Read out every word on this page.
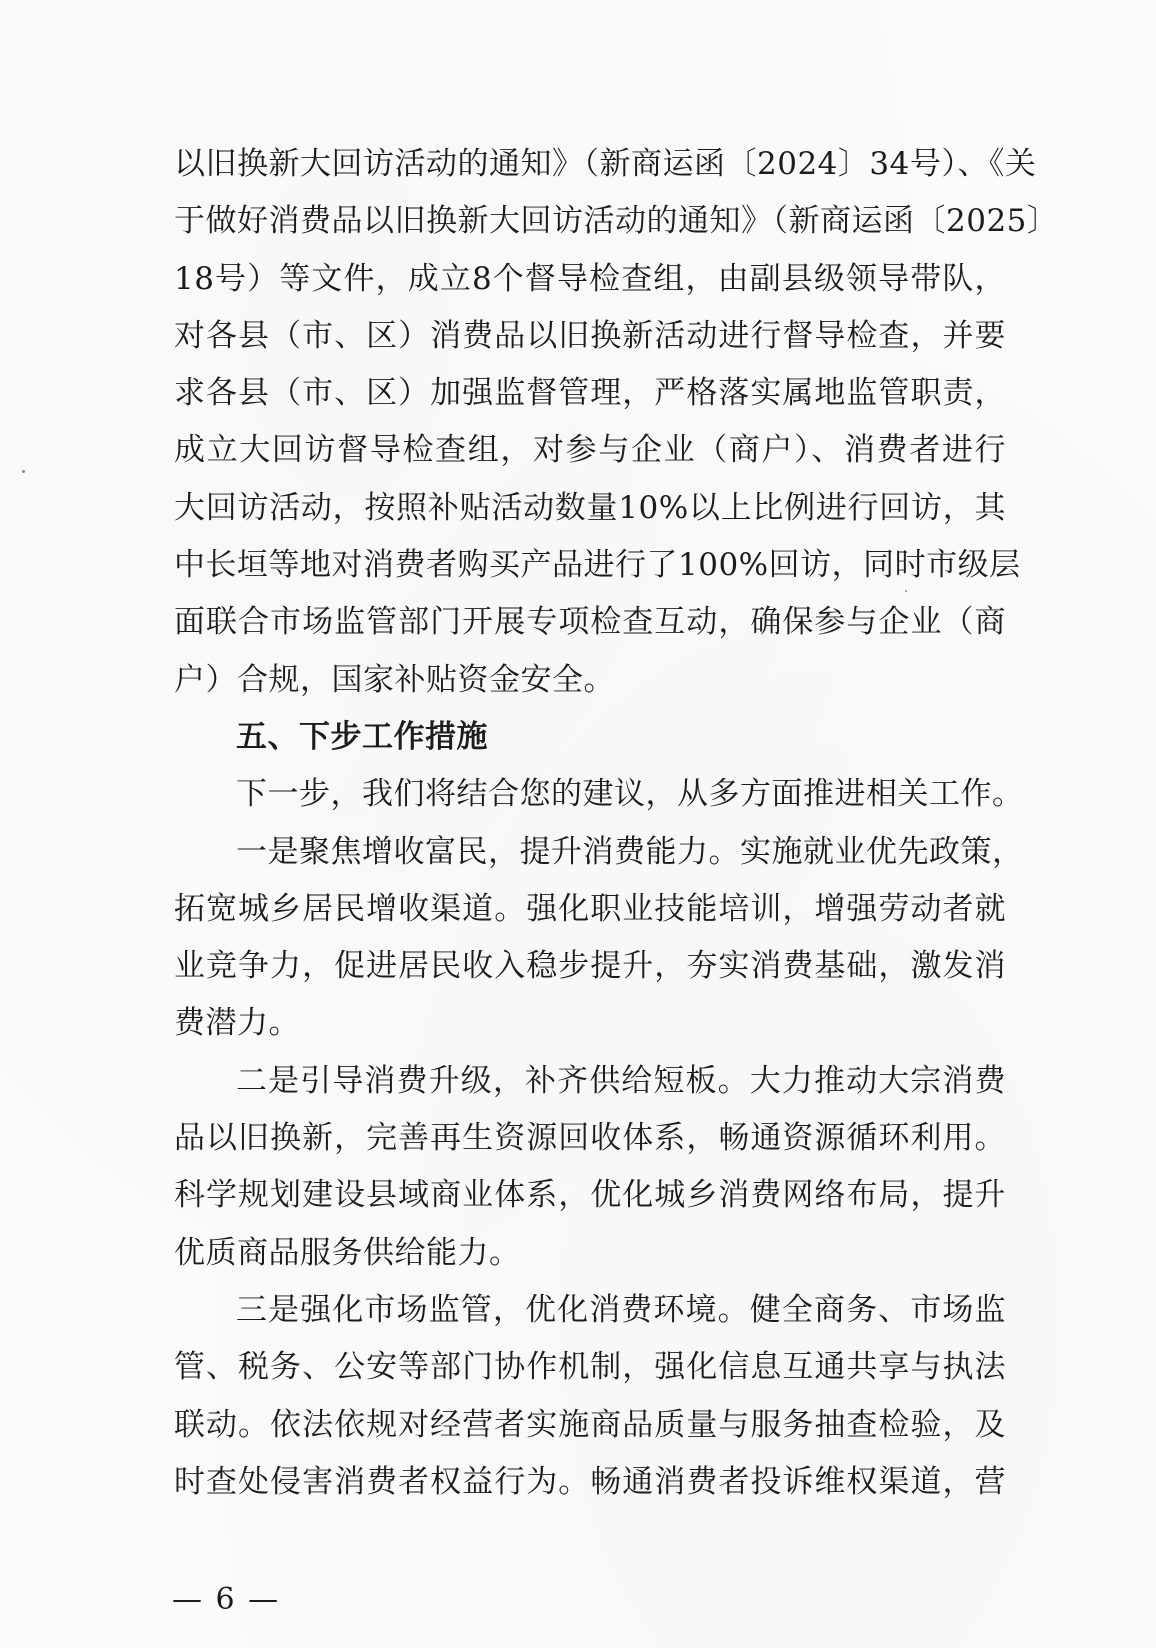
以旧换新大回访活动的通知》（新商运函〔2024〕34号）、《关
于做好消费品以旧换新大回访活动的通知》（新商运函〔2025〕
18号）等文件，成立8个督导检查组，由副县级领导带队，
对各县（市、区）消费品以旧换新活动进行督导检查，并要
求各县（市、区）加强监督管理，严格落实属地监管职责，
成立大回访督导检查组，对参与企业（商户）、消费者进行
大回访活动，按照补贴活动数量10%以上比例进行回访，其
中长垣等地对消费者购买产品进行了100%回访，同时市级层
面联合市场监管部门开展专项检查互动，确保参与企业（商
户）合规，国家补贴资金安全。
五、下步工作措施
下一步，我们将结合您的建议，从多方面推进相关工作。
一是聚焦增收富民，提升消费能力。实施就业优先政策，
拓宽城乡居民增收渠道。强化职业技能培训，增强劳动者就
业竞争力，促进居民收入稳步提升，夯实消费基础，激发消
费潜力。
二是引导消费升级，补齐供给短板。大力推动大宗消费
品以旧换新，完善再生资源回收体系，畅通资源循环利用。
科学规划建设县域商业体系，优化城乡消费网络布局，提升
优质商品服务供给能力。
三是强化市场监管，优化消费环境。健全商务、市场监
管、税务、公安等部门协作机制，强化信息互通共享与执法
联动。依法依规对经营者实施商品质量与服务抽查检验，及
时查处侵害消费者权益行为。畅通消费者投诉维权渠道，营
— 6 —
